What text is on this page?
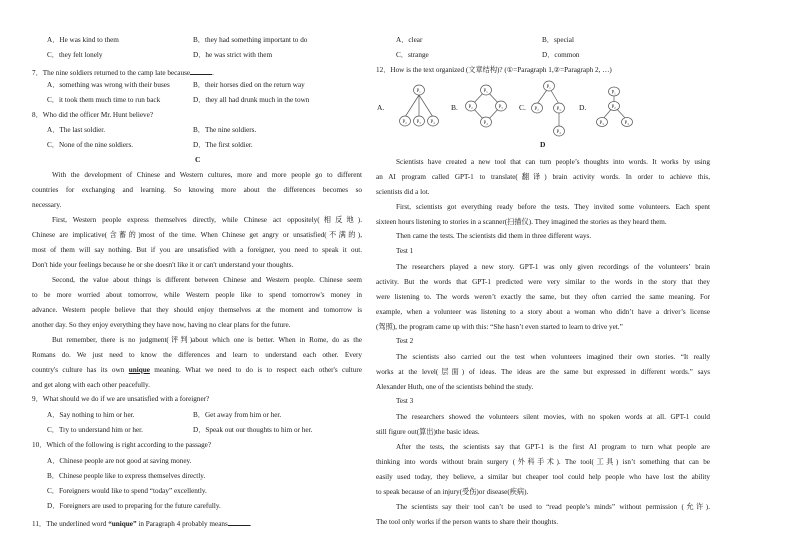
A．He was kind to them	B．they had something important to do
C．they felt lonely	D．he was strict with them
7．The nine soldiers returned to the camp late because	.
A．something was wrong with their buses	B．their horses died on the return way
C．it took them much time to run back	D．they all had drunk much in the town
8．Who did the officer Mr. Hunt believe?
A．The last soldier.	B．The nine soldiers.
C．None of the nine soldiers.	D．The first soldier.
C
With the development of Chinese and Western cultures, more and more people go to different
countries for exchanging and learning. So knowing more about the differences becomes so
necessary.
First, Western people express themselves directly, while Chinese act oppositely(相反地).
Chinese are implicative(含蓄的)most of the time. When Chinese get angry or unsatisfied(不满的),
most of them will say nothing. But if you are unsatisfied with a foreigner, you need to speak it out.
Don't hide your feelings because he or she doesn't like it or can't understand your thoughts.
Second, the value about things is different between Chinese and Western people. Chinese seem
to be more worried about tomorrow, while Western people like to spend tomorrow's money in
advance. Western people believe that they should enjoy themselves at the moment and tomorrow is
another day. So they enjoy everything they have now, having no clear plans for the future.
But remember, there is no judgment(评判)about which one is better. When in Rome, do as the
Romans do. We just need to know the differences and learn to understand each other. Every
country's culture has its own unique meaning. What we need to do is to respect each other's culture
and get along with each other peacefully.
9．What should we do if we are unsatisfied with a foreigner?
A．Say nothing to him or her.	B．Get away from him or her.
C．Try to understand him or her.	D．Speak out our thoughts to him or her.
10．Which of the following is right according to the passage?
A．Chinese people are not good at saving money.
B．Chinese people like to express themselves directly.
C．Foreigners would like to spend “today” excellently.
D．Foreigners are used to preparing for the future carefully.
11．The underlined word “unique” in Paragraph 4 probably means	.
A．clear	B．special
C．strange	D．common
12．How is the text organized (文章结构)? (①=Paragraph 1,②=Paragraph 2, …)
A.	B.	C.	D.
$P_1$
$P_2$ $P_3$ $P_4$
$P_1$
$P_2$	$P_3$
$P_4$
$P_1$
$P_2$	$P_3$
$P_4$
$P_1$
$P_2$
$P_3$	$P_4$
D
Scientists have created a new tool that can turn people’s thoughts into words. It works by using
an AI program called GPT-1 to translate(翻译) brain activity words. In order to achieve this,
scientists did a lot.
First, scientists got everything ready before the tests. They invited some volunteers. Each spent
sixteen hours listening to stories in a scanner(扫描仪). They imagined the stories as they heard them.
Then came the tests. The scientists did them in three different ways.
Test 1
The researchers played a new story. GPT-1 was only given recordings of the volunteers’ brain
activity. But the words that GPT-1 predicted were very similar to the words in the story that they
were listening to. The words weren’t exactly the same, but they often carried the same meaning. For
example, when a volunteer was listening to a story about a woman who didn’t have a driver’s license
(驾照), the program came up with this: “She hasn’t even started to learn to drive yet.”
Test 2
The scientists also carried out the test when volunteers imagined their own stories. “It really
works at the level(层面) of ideas. The ideas are the same but expressed in different words.” says
Alexander Huth, one of the scientists behind the study.
Test 3
The researchers showed the volunteers silent movies, with no spoken words at all. GPT-1 could
still figure out(算出)the basic ideas.
After the tests, the scientists say that GPT-1 is the first AI program to turn what people are
thinking into words without brain surgery (外科手术). The tool(工具) isn’t something that can be
easily used today, they believe, a similar but cheaper tool could help people who have lost the ability
to speak because of an injury(受伤)or disease(疾病).
The scientists say their tool can’t be used to “read people’s minds” without permission (允许).
The tool only works if the person wants to share their thoughts.
